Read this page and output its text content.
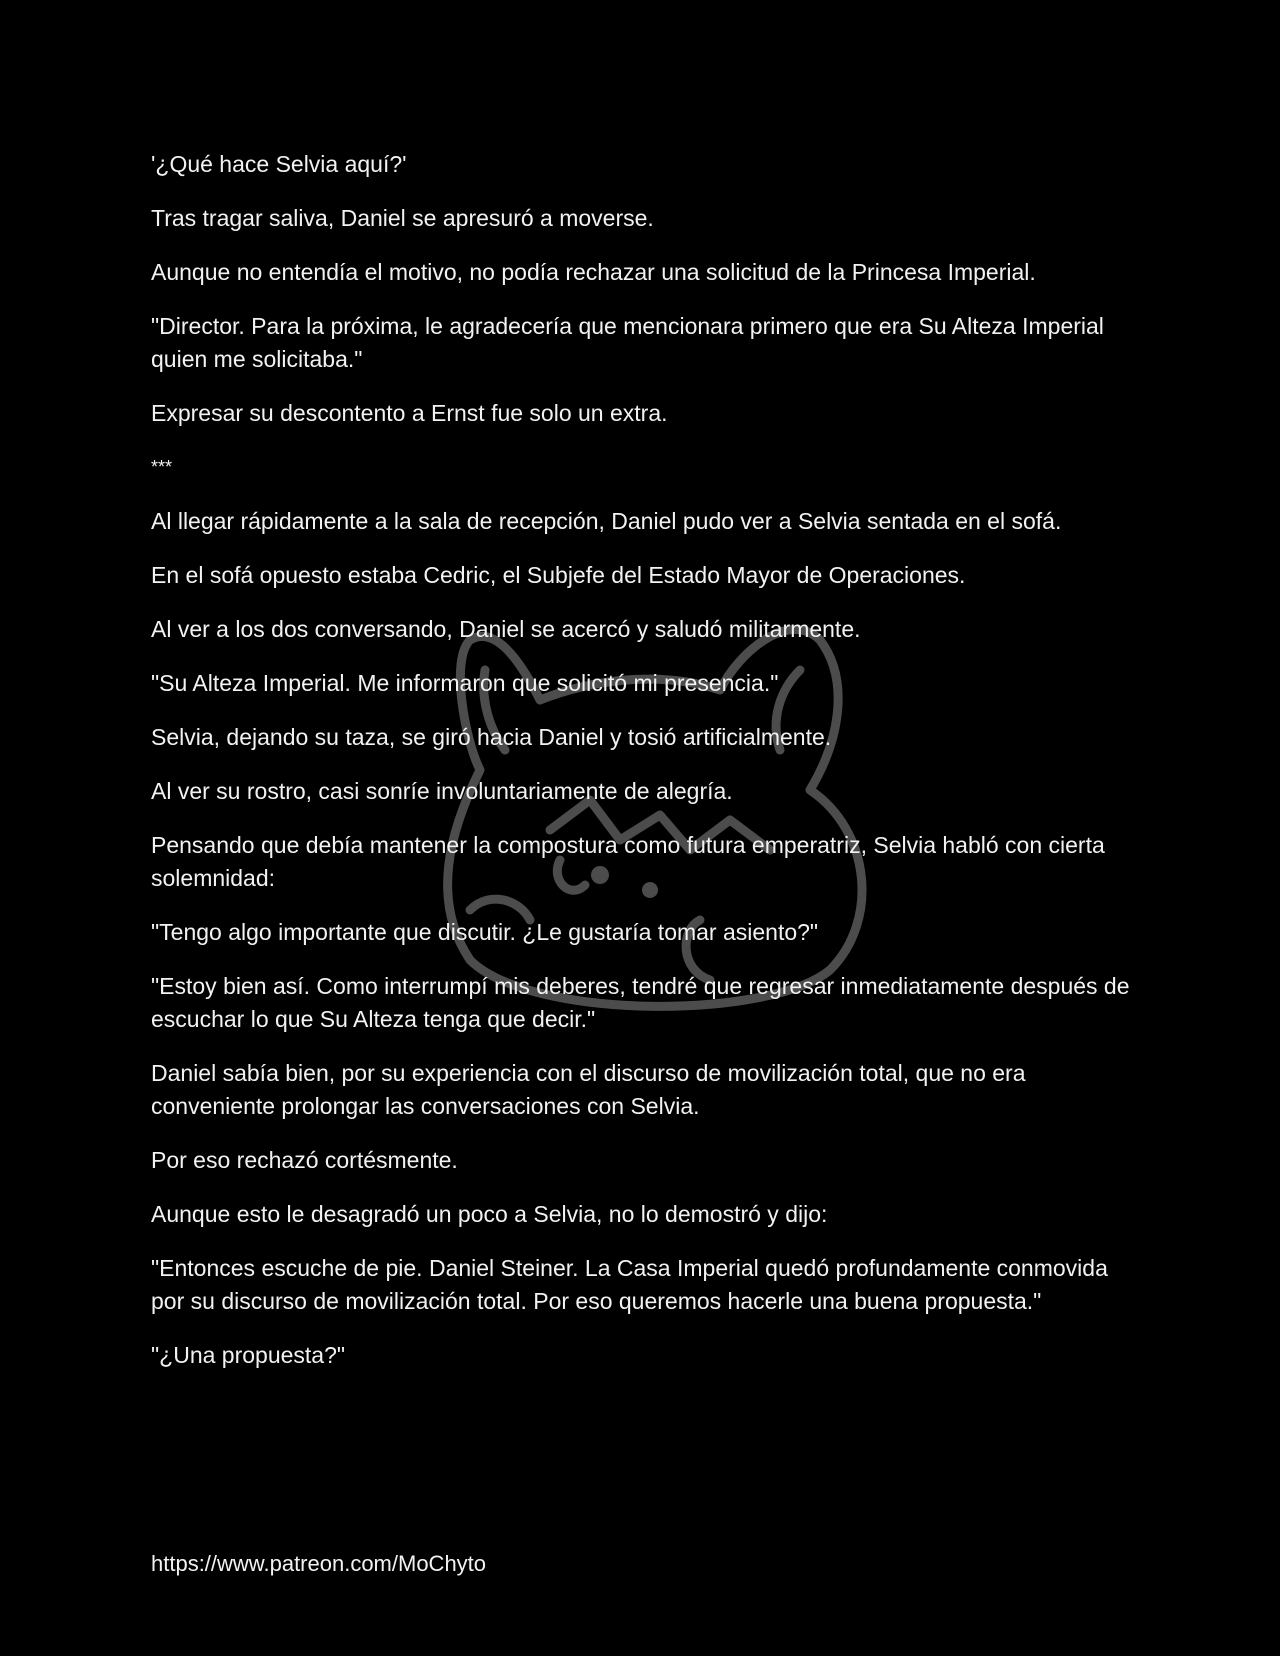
'¿Qué hace Selvia aquí?'

Tras tragar saliva, Daniel se apresuró a moverse.

Aunque no entendía el motivo, no podía rechazar una solicitud de la Princesa Imperial.

"Director. Para la próxima, le agradecería que mencionara primero que era Su Alteza Imperial quien me solicitaba."

Expresar su descontento a Ernst fue solo un extra.

***

Al llegar rápidamente a la sala de recepción, Daniel pudo ver a Selvia sentada en el sofá.

En el sofá opuesto estaba Cedric, el Subjefe del Estado Mayor de Operaciones.

Al ver a los dos conversando, Daniel se acercó y saludó militarmente.

"Su Alteza Imperial. Me informaron que solicitó mi presencia."

Selvia, dejando su taza, se giró hacia Daniel y tosió artificialmente.

Al ver su rostro, casi sonríe involuntariamente de alegría.

Pensando que debía mantener la compostura como futura emperatriz, Selvia habló con cierta solemnidad:

"Tengo algo importante que discutir. ¿Le gustaría tomar asiento?"

"Estoy bien así. Como interrumpí mis deberes, tendré que regresar inmediatamente después de escuchar lo que Su Alteza tenga que decir."

Daniel sabía bien, por su experiencia con el discurso de movilización total, que no era conveniente prolongar las conversaciones con Selvia.

Por eso rechazó cortésmente.

Aunque esto le desagradó un poco a Selvia, no lo demostró y dijo:

"Entonces escuche de pie. Daniel Steiner. La Casa Imperial quedó profundamente conmovida por su discurso de movilización total. Por eso queremos hacerle una buena propuesta."

"¿Una propuesta?"

https://www.patreon.com/MoChyto
